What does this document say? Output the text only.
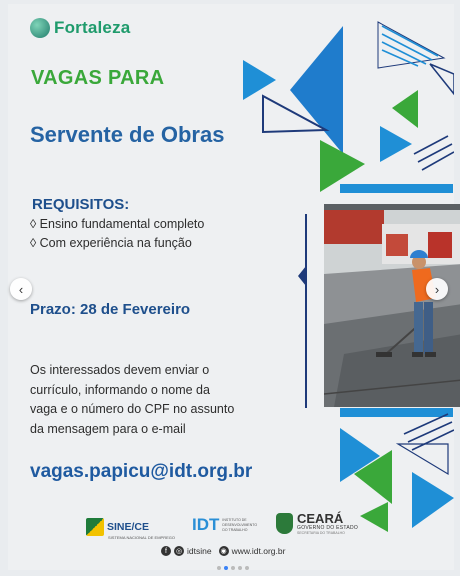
Fortaleza
VAGAS PARA
Servente de Obras
REQUISITOS:
◊ Ensino fundamental completo
◊ Com experiência na função
Prazo: 28 de Fevereiro
Os interessados devem enviar o currículo, informando o nome da vaga e o número do CPF no assunto da mensagem para o e-mail
vagas.papicu@idt.org.br
SINE/CE
SISTEMA NACIONAL DE EMPREGO
IDT INSTITUTO DE DESENVOLVIMENTO DO TRABALHO
CEARÁ
GOVERNO DO ESTADO
SECRETARIA DO TRABALHO
f	◎ idtsine ◉ www.idt.org.br
‹	›
